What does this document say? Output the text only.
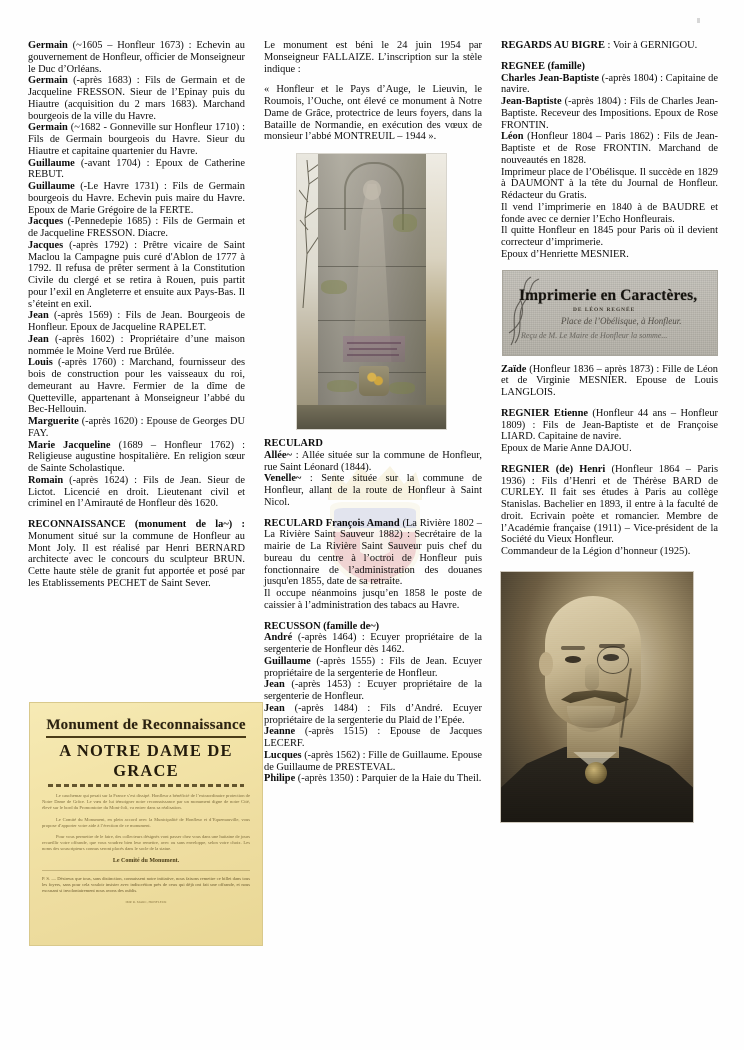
Germain (~1605 – Honfleur 1673) : Echevin au gouvernement de Honfleur, officier de Monseigneur le Duc d’Orléans.

Germain (-après 1683) : Fils de Germain et de Jacqueline FRESSON. Sieur de l’Epinay puis du Hiautre (acquisition du 2 mars 1683). Marchand bourgeois de la ville du Havre.

Germain (~1682 - Gonneville sur Honfleur 1710) : Fils de Germain bourgeois du Havre. Sieur du Hiautre et capitaine quartenier du Havre.

Guillaume (-avant 1704) : Epoux de Catherine REBUT.

Guillaume (-Le Havre 1731) : Fils de Germain bourgeois du Havre. Echevin puis maire du Havre. Epoux de Marie Grégoire de la FERTE.

Jacques (-Pennedepie 1685) : Fils de Germain et de Jacqueline FRESSON. Diacre.

Jacques (-après 1792) : Prêtre vicaire de Saint Maclou la Campagne puis curé d'Ablon de 1777 à 1792. Il refusa de prêter serment à la Constitution Civile du clergé et se retira à Rouen, puis partit pour l’exil en Angleterre et ensuite aux Pays-Bas. Il s’éteint en exil.

Jean (-après 1569) : Fils de Jean. Bourgeois de Honfleur. Epoux de Jacqueline RAPELET.

Jean (-après 1602) : Propriétaire d’une maison nommée le Moine Verd rue Brûlée.

Louis (-après 1760) : Marchand, fournisseur des bois de construction pour les vaisseaux du roi, demeurant au Havre. Fermier de la dîme de Quetteville, appartenant à Monseigneur l’abbé du Bec-Hellouin.

Marguerite (-après 1620) : Epouse de Georges DU FAY.

Marie Jacqueline (1689 – Honfleur 1762) : Religieuse augustine hospitalière. En religion sœur de Sainte Scholastique.

Romain (-après 1624) : Fils de Jean. Sieur de Lictot. Licencié en droit. Lieutenant civil et criminel en l’Amirauté de Honfleur dès 1620.

RECONNAISSANCE (monument de la~) : Monument situé sur la commune de Honfleur au Mont Joly. Il est réalisé par Henri BERNARD architecte avec le concours du sculpteur BRUN. Cette haute stèle de granit fut apportée et posé par les Etablissements PECHET de Saint Sever.

Le monument est béni le 24 juin 1954 par Monseigneur FALLAIZE. L’inscription sur la stèle indique :

« Honfleur et le Pays d’Auge, le Lieuvin, le Roumois, l’Ouche, ont élevé ce monument à Notre Dame de Grâce, protectrice de leurs foyers, dans la Bataille de Normandie, en exécution des vœux de monsieur l’abbé MONTREUIL – 1944 ».

RECULARD

Allée~ : Allée située sur la commune de Honfleur, rue Saint Léonard (1844).

Venelle~ : Sente située sur la commune de Honfleur, allant de la route de Honfleur à Saint Nicol.

RECULARD François Amand (La Rivière 1802 – La Rivière Saint Sauveur 1882) : Secrétaire de la mairie de La Rivière Saint Sauveur puis chef du bureau du centre à l’octroi de Honfleur puis fonctionnaire de l’administration des douanes jusqu'en 1855, date de sa retraite.

Il occupe néanmoins jusqu’en 1858 le poste de caissier à l’administration des tabacs au Havre.

RECUSSON (famille de~)

André (-après 1464) : Ecuyer propriétaire de la sergenterie de Honfleur dès 1462.

Guillaume (-après 1555) : Fils de Jean. Ecuyer propriétaire de la sergenterie de Honfleur.

Jean (-après 1453) : Ecuyer propriétaire de la sergenterie de Honfleur.

Jean (-après 1484) : Fils d’André. Ecuyer propriétaire de la sergenterie du Plaid de l’Epée.

Jeanne (-après 1515) : Epouse de Jacques LECERF.

Lucques (-après 1562) : Fille de Guillaume. Epouse de Guillaume de PRESTEVAL.

Philipe (-après 1350) : Parquier de la Haie du Theil.

REGARDS AU BIGRE : Voir à GERNIGOU.

REGNEE (famille)

Charles Jean-Baptiste (-après 1804) : Capitaine de navire.

Jean-Baptiste (-après 1804) : Fils de Charles Jean-Baptiste. Receveur des Impositions. Epoux de Rose FRONTIN.

Léon (Honfleur 1804 – Paris 1862) : Fils de Jean-Baptiste et de Rose FRONTIN. Marchand de nouveautés en 1828.

Imprimeur place de l’Obélisque. Il succède en 1829 à DAUMONT à la tête du Journal de Honfleur. Rédacteur du Gratis.

Il vend l’imprimerie en 1840 à de BAUDRE et fonde avec ce dernier l’Echo Honfleurais.

Il quitte Honfleur en 1845 pour Paris où il devient correcteur d’imprimerie.

Epoux d’Henriette MESNIER.

Imprimerie en Caractères,
DE LÉON REGNÉE
Place de l’Obélisque, à Honfleur.
Reçu de M. Le Maire de Honfleur la somme...

Zaïde (Honfleur 1836 – après 1873) : Fille de Léon et de Virginie MESNIER. Epouse de Louis LANGLOIS.

REGNIER Etienne (Honfleur 44 ans – Honfleur 1809) : Fils de Jean-Baptiste et de Françoise LIARD. Capitaine de navire.

Epoux de Marie Anne DAJOU.

REGNIER (de) Henri (Honfleur 1864 – Paris 1936) : Fils d’Henri et de Thérèse BARD de CURLEY. Il fait ses études à Paris au collège Stanislas. Bachelier en 1893, il entre à la faculté de droit. Ecrivain poète et romancier. Membre de l’Académie française (1911) – Vice-président de la Société du Vieux Honfleur.

Commandeur de la Légion d’honneur (1925).

Monument de Reconnaissance
A NOTRE DAME DE GRACE

Le cauchemar qui pesait sur la France s’est dissipé. Honfleur a bénéficié de l’extraordinaire protection de Notre Dame de Grâce. Le vœu de lui témoigner notre reconnaissance par un monument digne de notre Cité, élevé sur le bord du Promontoire du Mont-Joli, va entrer dans sa réalisation.

Le Comité du Monument, en plein accord avec la Municipalité de Honfleur et d’Equemauville, vous propose d’apporter votre aide à l’érection de ce monument.

Pour vous permettre de le faire, des collecteurs désignés vont passer chez vous dans une huitaine de jours recueillir votre offrande, que vous voudrez bien leur remettre, avec ou sans enveloppe, selon votre choix. Les noms des souscripteurs connus seront placés dans le socle de la statue.

Le Comité du Monument.
P. S. — Désireux que tous, sans distinction, connaissent notre initiative, nous faisons remettre ce billet dans tous les foyers, sans pour cela vouloir insister avec indiscrétion près de ceux qui déjà ont fait une offrande, et nous excusant si involontairement nous avons des oublis.
IMP. R. MARC, HONFLEUR
